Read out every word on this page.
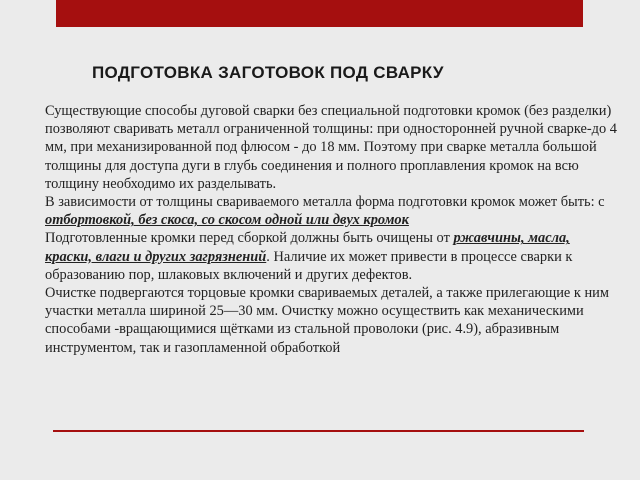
ПОДГОТОВКА ЗАГОТОВОК ПОД СВАРКУ

Существующие способы дуговой сварки без специальной подготовки кромок (без разделки) позволяют сваривать металл ограниченной толщины: при односторонней ручной сварке-до 4 мм, при механизированной под флюсом - до 18 мм. Поэтому при сварке металла большой толщины для доступа дуги в глубь соединения и полного проплавления кромок на всю толщину необходимо их разделывать.

В зависимости от толщины свариваемого металла форма подготовки кромок может быть: с отбортовкой, без скоса, со скосом одной или двух кромок

Подготовленные кромки перед сборкой должны быть очищены от ржавчины, масла, краски, влаги и других загрязнений. Наличие их может привести в процессе сварки к образованию пор, шлаковых включений и других дефектов.

Очистке подвергаются торцовые кромки свариваемых деталей, а также прилегающие к ним участки металла шириной 25—30 мм. Очистку можно осуществить как механическими способами -вращающимися щётками из стальной проволоки (рис. 4.9), абразивным инструментом, так и газопламенной обработкой
